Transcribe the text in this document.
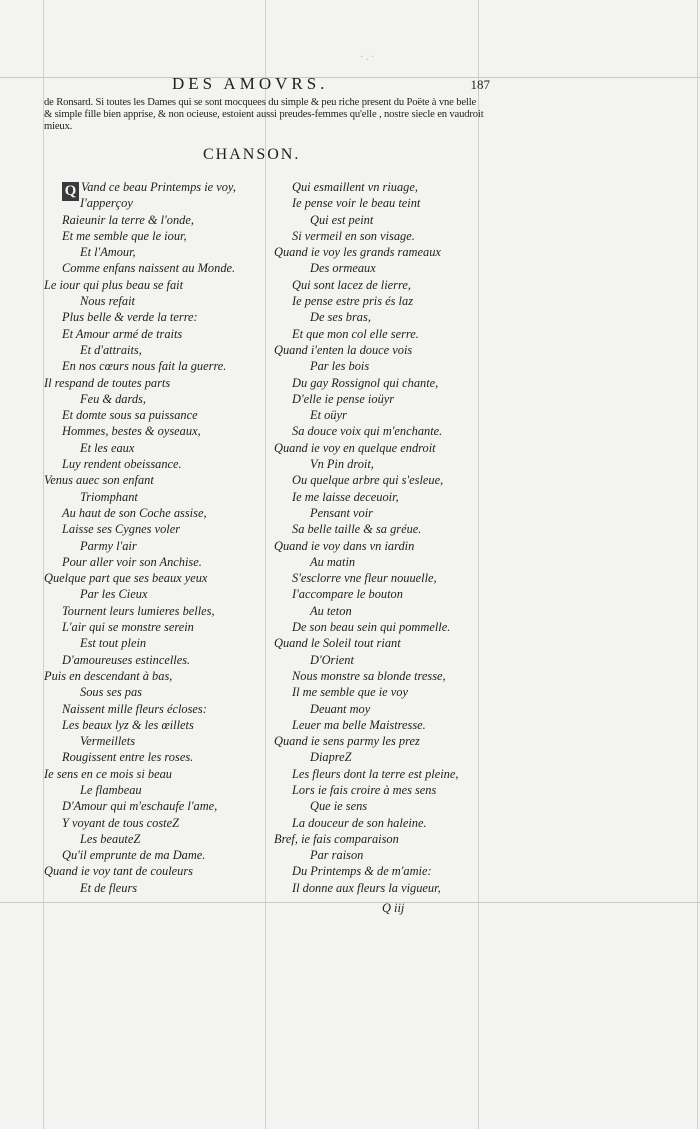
· . ·
DES AMOVRS.	187
de Ronsard. Si toutes les Dames qui se sont mocquees du simple & peu riche present du Poëte à vne belle
& simple fille bien apprise, & non ocieuse, estoient aussi preudes-femmes qu'elle , nostre siecle en vaudroit
mieux.
CHANSON.
Q Vand ce beau Printemps ie voy,
I'apperçoy
Raieunir la terre & l'onde,
Et me semble que le iour,
Et l'Amour,
Comme enfans naissent au Monde.
Le iour qui plus beau se fait
Nous refait
Plus belle & verde la terre:
Et Amour armé de traits
Et d'attraits,
En nos cœurs nous fait la guerre.
Il respand de toutes parts
Feu & dards,
Et domte sous sa puissance
Hommes, bestes & oyseaux,
Et les eaux
Luy rendent obeissance.
Venus auec son enfant
Triomphant
Au haut de son Coche assise,
Laisse ses Cygnes voler
Parmy l'air
Pour aller voir son Anchise.
Quelque part que ses beaux yeux
Par les Cieux
Tournent leurs lumieres belles,
L'air qui se monstre serein
Est tout plein
D'amoureuses estincelles.
Puis en descendant à bas,
Sous ses pas
Naissent mille fleurs écloses:
Les beaux lyz & les œillets
Vermeillets
Rougissent entre les roses.
Ie sens en ce mois si beau
Le flambeau
D'Amour qui m'eschaufe l'ame,
Y voyant de tous costeZ
Les beauteZ
Qu'il emprunte de ma Dame.
Quand ie voy tant de couleurs
Et de fleurs
Qui esmaillent vn riuage,
Ie pense voir le beau teint
Qui est peint
Si vermeil en son visage.
Quand ie voy les grands rameaux
Des ormeaux
Qui sont lacez de lierre,
Ie pense estre pris és laz
De ses bras,
Et que mon col elle serre.
Quand i'enten la douce vois
Par les bois
Du gay Rossignol qui chante,
D'elle ie pense ioüyr
Et oüyr
Sa douce voix qui m'enchante.
Quand ie voy en quelque endroit
Vn Pin droit,
Ou quelque arbre qui s'esleue,
Ie me laisse deceuoir,
Pensant voir
Sa belle taille & sa gréue.
Quand ie voy dans vn iardin
Au matin
S'esclorre vne fleur nouuelle,
I'accompare le bouton
Au teton
De son beau sein qui pommelle.
Quand le Soleil tout riant
D'Orient
Nous monstre sa blonde tresse,
Il me semble que ie voy
Deuant moy
Leuer ma belle Maistresse.
Quand ie sens parmy les prez
DiapreZ
Les fleurs dont la terre est pleine,
Lors ie fais croire à mes sens
Que ie sens
La douceur de son haleine.
Bref, ie fais comparaison
Par raison
Du Printemps & de m'amie:
Il donne aux fleurs la vigueur,
Q iij
